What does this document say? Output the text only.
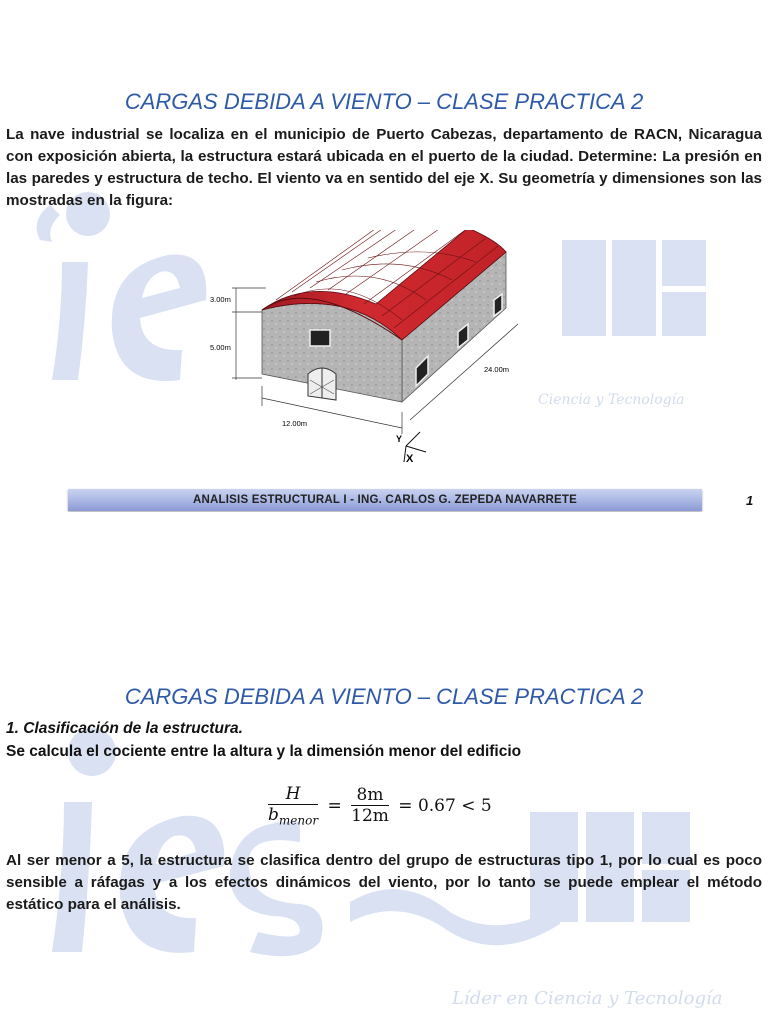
Ciencia y Tecnología
CARGAS DEBIDA A VIENTO – CLASE PRACTICA 2
La nave industrial se localiza en el municipio de Puerto Cabezas, departamento de RACN, Nicaragua con exposición abierta, la estructura estará ubicada en el puerto de la ciudad. Determine: La presión en las paredes y estructura de techo. El viento va en sentido del eje X. Su geometría y dimensiones son las mostradas en la figura:
3.00m
5.00m
12.00m
24.00m
Y
X
ANALISIS ESTRUCTURAL I - ING. CARLOS G. ZEPEDA NAVARRETE	1
Líder en Ciencia y Tecnología
CARGAS DEBIDA A VIENTO – CLASE PRACTICA 2
1. Clasificación de la estructura.
Se calcula el cociente entre la altura y la dimensión menor del edificio
H
$b_{menor}$
= $\frac{8m}{12m} = 0.67 < 5$
Al ser menor a 5, la estructura se clasifica dentro del grupo de estructuras tipo 1, por lo cual es poco sensible a ráfagas y a los efectos dinámicos del viento, por lo tanto se puede emplear el método estático para el análisis.
